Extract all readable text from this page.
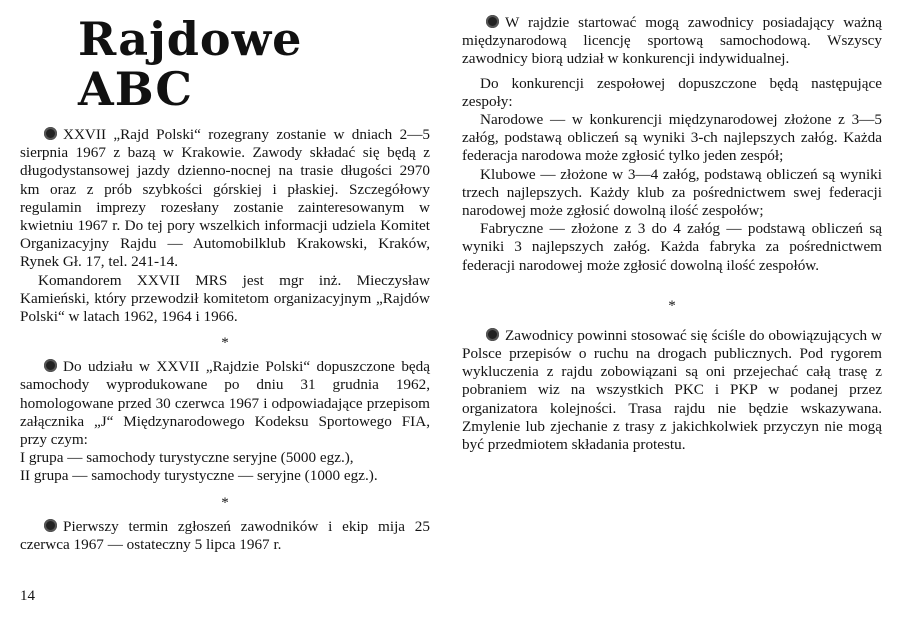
Rajdowe ABC

XXVII „Rajd Polski“ rozegrany zostanie w dniach 2—5 sierpnia 1967 z bazą w Krakowie. Zawody składać się będą z długodystansowej jazdy dzienno-nocnej na trasie długości 2970 km oraz z prób szybkości górskiej i płaskiej. Szczegółowy regulamin imprezy rozesłany zostanie zainteresowanym w kwietniu 1967 r. Do tej pory wszelkich informacji udziela Komitet Organizacyjny Rajdu — Automobilklub Krakowski, Kraków, Rynek Gł. 17, tel. 241-14.

Komandorem XXVII MRS jest mgr inż. Mieczysław Kamieński, który przewodził komitetom organizacyjnym „Rajdów Polski“ w latach 1962, 1964 i 1966.

*

Do udziału w XXVII „Rajdzie Polski“ dopuszczone będą samochody wyprodukowane po dniu 31 grudnia 1962, homologowane przed 30 czerwca 1967 i odpowiadające przepisom załącznika „J“ Międzynarodowego Kodeksu Sportowego FIA, przy czym:

I grupa — samochody turystyczne seryjne (5000 egz.),

II grupa — samochody turystyczne — seryjne (1000 egz.).

*

Pierwszy termin zgłoszeń zawodników i ekip mija 25 czerwca 1967 — ostateczny 5 lipca 1967 r.

W rajdzie startować mogą zawodnicy posiadający ważną międzynarodową licencję sportową samochodową. Wszyscy zawodnicy biorą udział w konkurencji indywidualnej.

Do konkurencji zespołowej dopuszczone będą następujące zespoły:

Narodowe — w konkurencji międzynarodowej złożone z 3—5 załóg, podstawą obliczeń są wyniki 3-ch najlepszych załóg. Każda federacja narodowa może zgłosić tylko jeden zespół;

Klubowe — złożone w 3—4 załóg, podstawą obliczeń są wyniki trzech najlepszych. Każdy klub za pośrednictwem swej federacji narodowej może zgłosić dowolną ilość zespołów;

Fabryczne — złożone z 3 do 4 załóg — podstawą obliczeń są wyniki 3 najlepszych załóg. Każda fabryka za pośrednictwem federacji narodowej może zgłosić dowolną ilość zespołów.

*

Zawodnicy powinni stosować się ściśle do obowiązujących w Polsce przepisów o ruchu na drogach publicznych. Pod rygorem wykluczenia z rajdu zobowiązani są oni przejechać całą trasę z pobraniem wiz na wszystkich PKC i PKP w podanej przez organizatora kolejności. Trasa rajdu nie będzie wskazywana. Zmylenie lub zjechanie z trasy z jakichkolwiek przyczyn nie mogą być przedmiotem składania protestu.

14
